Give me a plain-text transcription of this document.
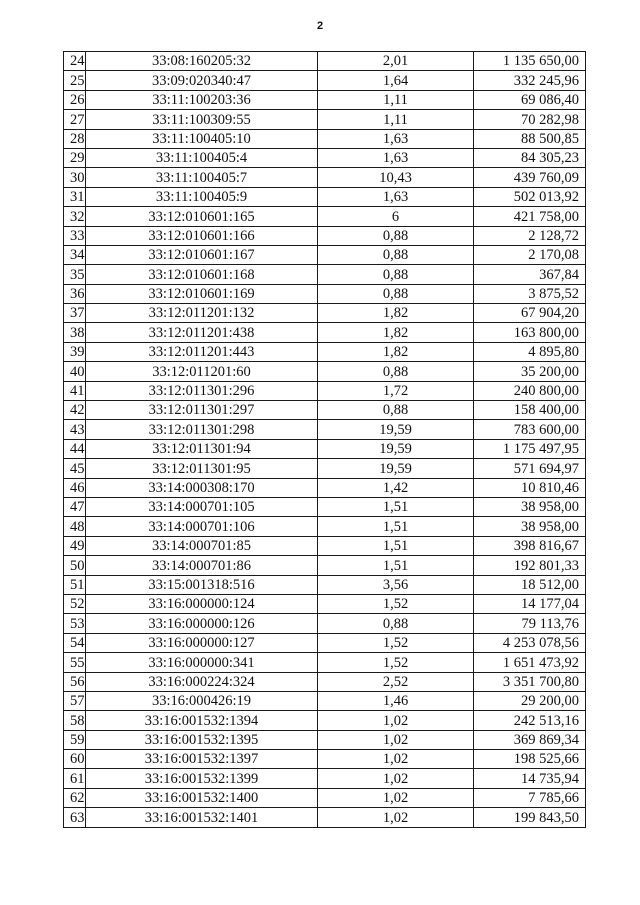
2
24	33:08:160205:32	2,01	1 135 650,00
25	33:09:020340:47	1,64	332 245,96
26	33:11:100203:36	1,11	69 086,40
27	33:11:100309:55	1,11	70 282,98
28	33:11:100405:10	1,63	88 500,85
29	33:11:100405:4	1,63	84 305,23
30	33:11:100405:7	10,43	439 760,09
31	33:11:100405:9	1,63	502 013,92
32	33:12:010601:165	6	421 758,00
33	33:12:010601:166	0,88	2 128,72
34	33:12:010601:167	0,88	2 170,08
35	33:12:010601:168	0,88	367,84
36	33:12:010601:169	0,88	3 875,52
37	33:12:011201:132	1,82	67 904,20
38	33:12:011201:438	1,82	163 800,00
39	33:12:011201:443	1,82	4 895,80
40	33:12:011201:60	0,88	35 200,00
41	33:12:011301:296	1,72	240 800,00
42	33:12:011301:297	0,88	158 400,00
43	33:12:011301:298	19,59	783 600,00
44	33:12:011301:94	19,59	1 175 497,95
45	33:12:011301:95	19,59	571 694,97
46	33:14:000308:170	1,42	10 810,46
47	33:14:000701:105	1,51	38 958,00
48	33:14:000701:106	1,51	38 958,00
49	33:14:000701:85	1,51	398 816,67
50	33:14:000701:86	1,51	192 801,33
51	33:15:001318:516	3,56	18 512,00
52	33:16:000000:124	1,52	14 177,04
53	33:16:000000:126	0,88	79 113,76
54	33:16:000000:127	1,52	4 253 078,56
55	33:16:000000:341	1,52	1 651 473,92
56	33:16:000224:324	2,52	3 351 700,80
57	33:16:000426:19	1,46	29 200,00
58	33:16:001532:1394	1,02	242 513,16
59	33:16:001532:1395	1,02	369 869,34
60	33:16:001532:1397	1,02	198 525,66
61	33:16:001532:1399	1,02	14 735,94
62	33:16:001532:1400	1,02	7 785,66
63	33:16:001532:1401	1,02	199 843,50
